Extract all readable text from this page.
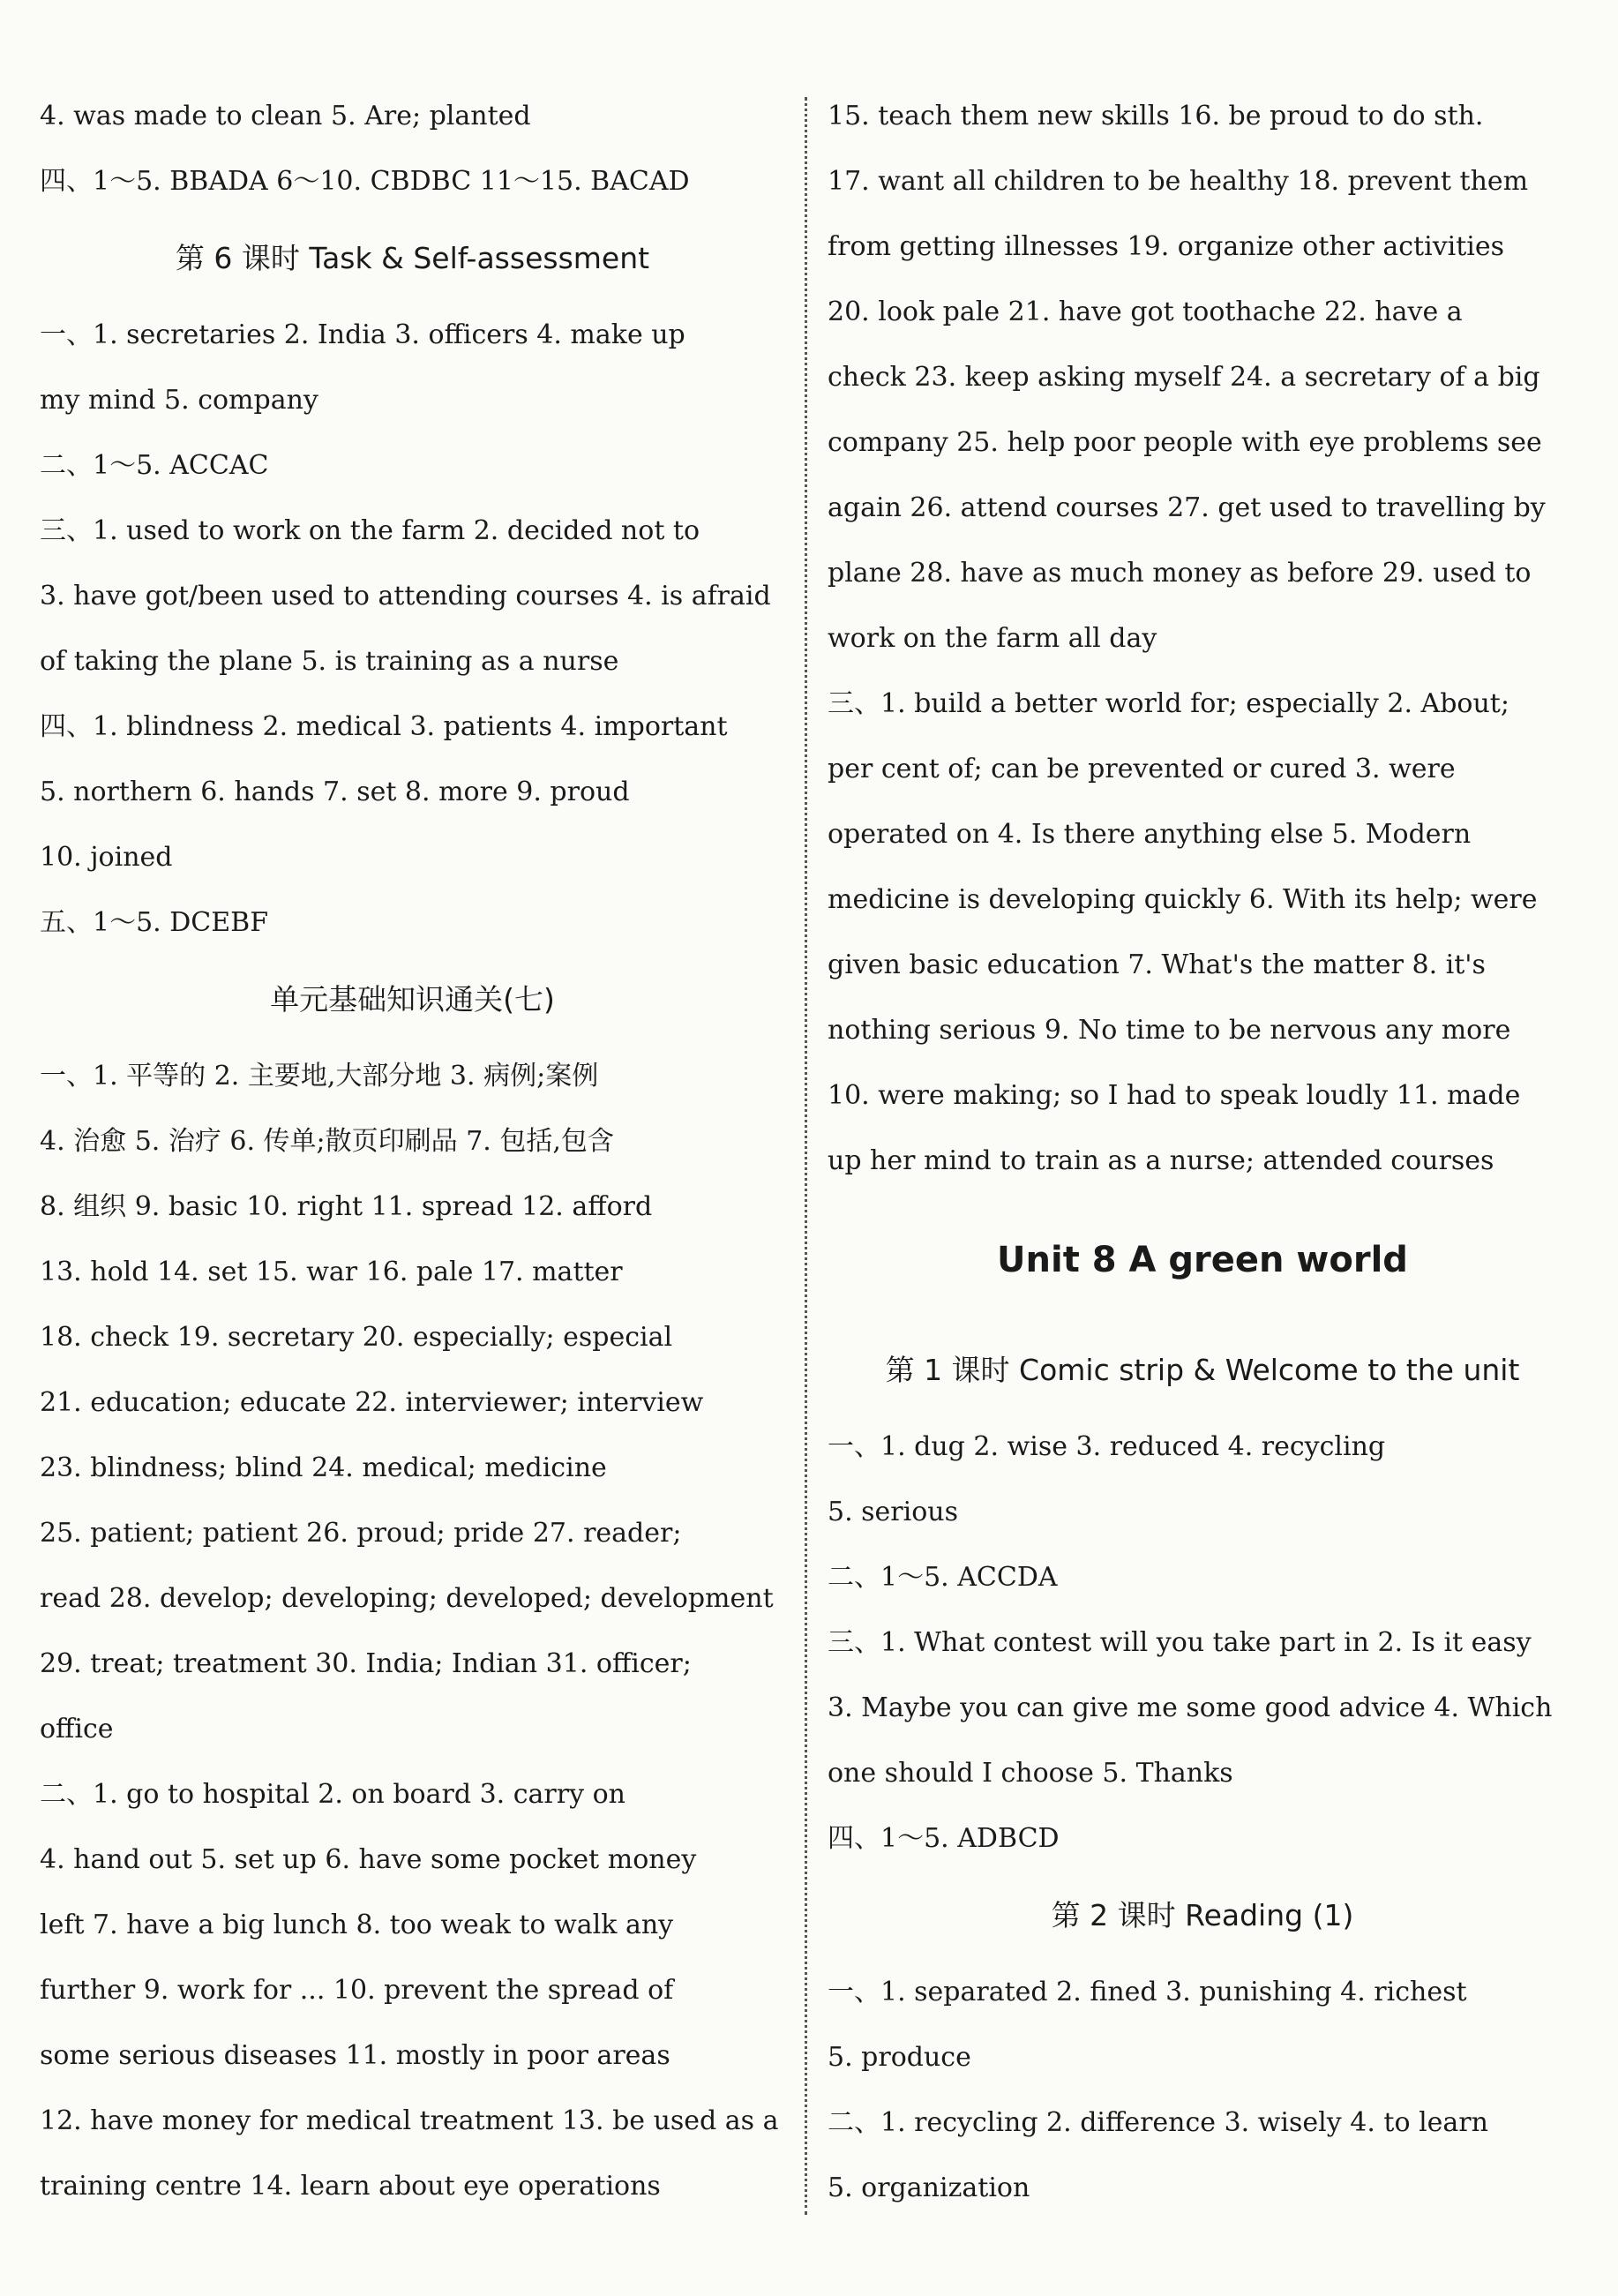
4. was made to clean 5. Are; planted
四、1～5. BBADA 6～10. CBDBC 11～15. BACAD
第 6 课时 Task & Self-assessment
一、1. secretaries 2. India 3. officers 4. make up
my mind 5. company
二、1～5. ACCAC
三、1. used to work on the farm 2. decided not to
3. have got/been used to attending courses 4. is afraid
of taking the plane 5. is training as a nurse
四、1. blindness 2. medical 3. patients 4. important
5. northern 6. hands 7. set 8. more 9. proud
10. joined
五、1～5. DCEBF
单元基础知识通关(七)
一、1. 平等的 2. 主要地,大部分地 3. 病例;案例
4. 治愈 5. 治疗 6. 传单;散页印刷品 7. 包括,包含
8. 组织 9. basic 10. right 11. spread 12. afford
13. hold 14. set 15. war 16. pale 17. matter
18. check 19. secretary 20. especially; especial
21. education; educate 22. interviewer; interview
23. blindness; blind 24. medical; medicine
25. patient; patient 26. proud; pride 27. reader;
read 28. develop; developing; developed; development
29. treat; treatment 30. India; Indian 31. officer;
office
二、1. go to hospital 2. on board 3. carry on
4. hand out 5. set up 6. have some pocket money
left 7. have a big lunch 8. too weak to walk any
further 9. work for ... 10. prevent the spread of
some serious diseases 11. mostly in poor areas
12. have money for medical treatment 13. be used as a
training centre 14. learn about eye operations
15. teach them new skills 16. be proud to do sth.
17. want all children to be healthy 18. prevent them
from getting illnesses 19. organize other activities
20. look pale 21. have got toothache 22. have a
check 23. keep asking myself 24. a secretary of a big
company 25. help poor people with eye problems see
again 26. attend courses 27. get used to travelling by
plane 28. have as much money as before 29. used to
work on the farm all day
三、1. build a better world for; especially 2. About;
per cent of; can be prevented or cured 3. were
operated on 4. Is there anything else 5. Modern
medicine is developing quickly 6. With its help; were
given basic education 7. What's the matter 8. it's
nothing serious 9. No time to be nervous any more
10. were making; so I had to speak loudly 11. made
up her mind to train as a nurse; attended courses
Unit 8 A green world
第 1 课时 Comic strip & Welcome to the unit
一、1. dug 2. wise 3. reduced 4. recycling
5. serious
二、1～5. ACCDA
三、1. What contest will you take part in 2. Is it easy
3. Maybe you can give me some good advice 4. Which
one should I choose 5. Thanks
四、1～5. ADBCD
第 2 课时 Reading (1)
一、1. separated 2. fined 3. punishing 4. richest
5. produce
二、1. recycling 2. difference 3. wisely 4. to learn
5. organization
